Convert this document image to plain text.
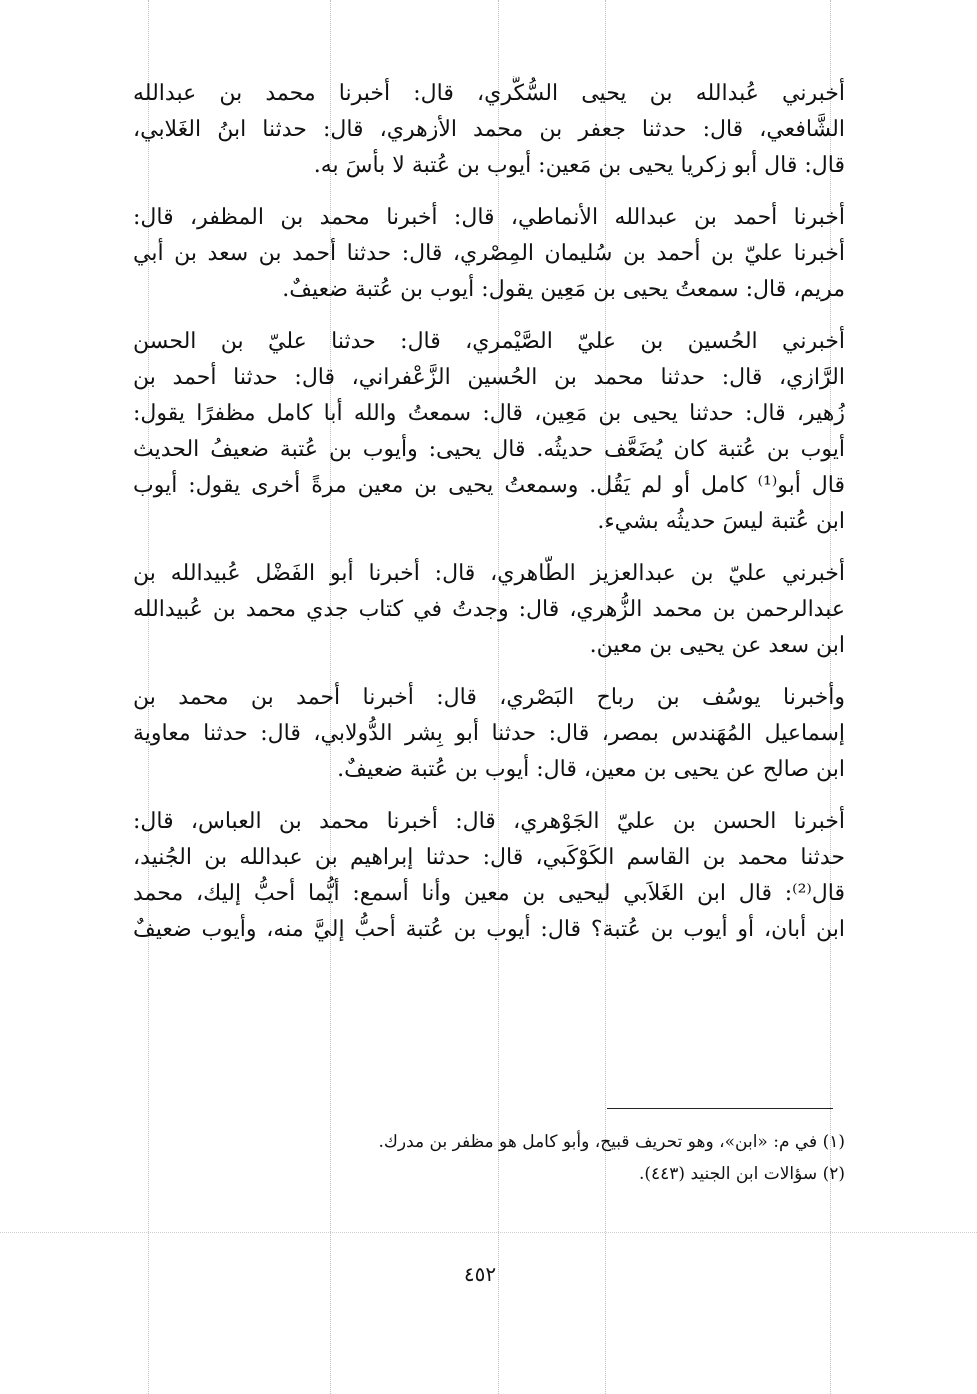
أخبرني عُبدالله بن يحيى السُّكَّري، قال: أخبرنا محمد بن عبدالله
الشَّافعي، قال: حدثنا جعفر بن محمد الأزهري، قال: حدثنا ابنُ الغَلابي،
قال: قال أبو زكريا يحيى بن مَعين: أيوب بن عُتبة لا بأسَ به.
أخبرنا أحمد بن عبدالله الأنماطي، قال: أخبرنا محمد بن المظفر، قال:
أخبرنا عليّ بن أحمد بن سُليمان المِصْري، قال: حدثنا أحمد بن سعد بن أبي
مريم، قال: سمعتُ يحيى بن مَعِين يقول: أيوب بن عُتبة ضعيفٌ.
أخبرني الحُسين بن عليّ الصَّيْمري، قال: حدثنا عليّ بن الحسن
الرَّازي، قال: حدثنا محمد بن الحُسين الزَّعْفراني، قال: حدثنا أحمد بن
زُهير، قال: حدثنا يحيى بن مَعِين، قال: سمعتُ والله أبا كامل مظفرًا يقول:
أيوب بن عُتبة كان يُضَعَّف حديثُه. قال يحيى: وأيوب بن عُتبة ضعيفُ الحديث
قال أبو⁽¹⁾ كامل أو لم يَقُل. وسمعتُ يحيى بن معين مرةً أخرى يقول: أيوب
ابن عُتبة ليسَ حديثُه بشيء.
أخبرني عليّ بن عبدالعزيز الطَّاهري، قال: أخبرنا أبو الفَضْل عُبيدالله بن
عبدالرحمن بن محمد الزُّهري، قال: وجدتُ في كتاب جدي محمد بن عُبيدالله
ابن سعد عن يحيى بن معين.
وأخبرنا يوسُف بن رباح البَصْري، قال: أخبرنا أحمد بن محمد بن
إسماعيل المُهَندس بمصر، قال: حدثنا أبو بِشر الدُّولابي، قال: حدثنا معاوية
ابن صالح عن يحيى بن معين، قال: أيوب بن عُتبة ضعيفٌ.
أخبرنا الحسن بن عليّ الجَوْهري، قال: أخبرنا محمد بن العباس، قال:
حدثنا محمد بن القاسم الكَوْكَبي، قال: حدثنا إبراهيم بن عبدالله بن الجُنيد،
قال⁽²⁾: قال ابن الغَلاَبي ليحيى بن معين وأنا أسمع: أيُّما أحبُّ إليك، محمد
ابن أبان، أو أيوب بن عُتبة؟ قال: أيوب بن عُتبة أحبُّ إليَّ منه، وأيوب ضعيفٌ
(١) في م: «ابن»، وهو تحريف قبيح، وأبو كامل هو مظفر بن مدرك.
(٢) سؤالات ابن الجنيد (٤٤٣).
٤٥٢
